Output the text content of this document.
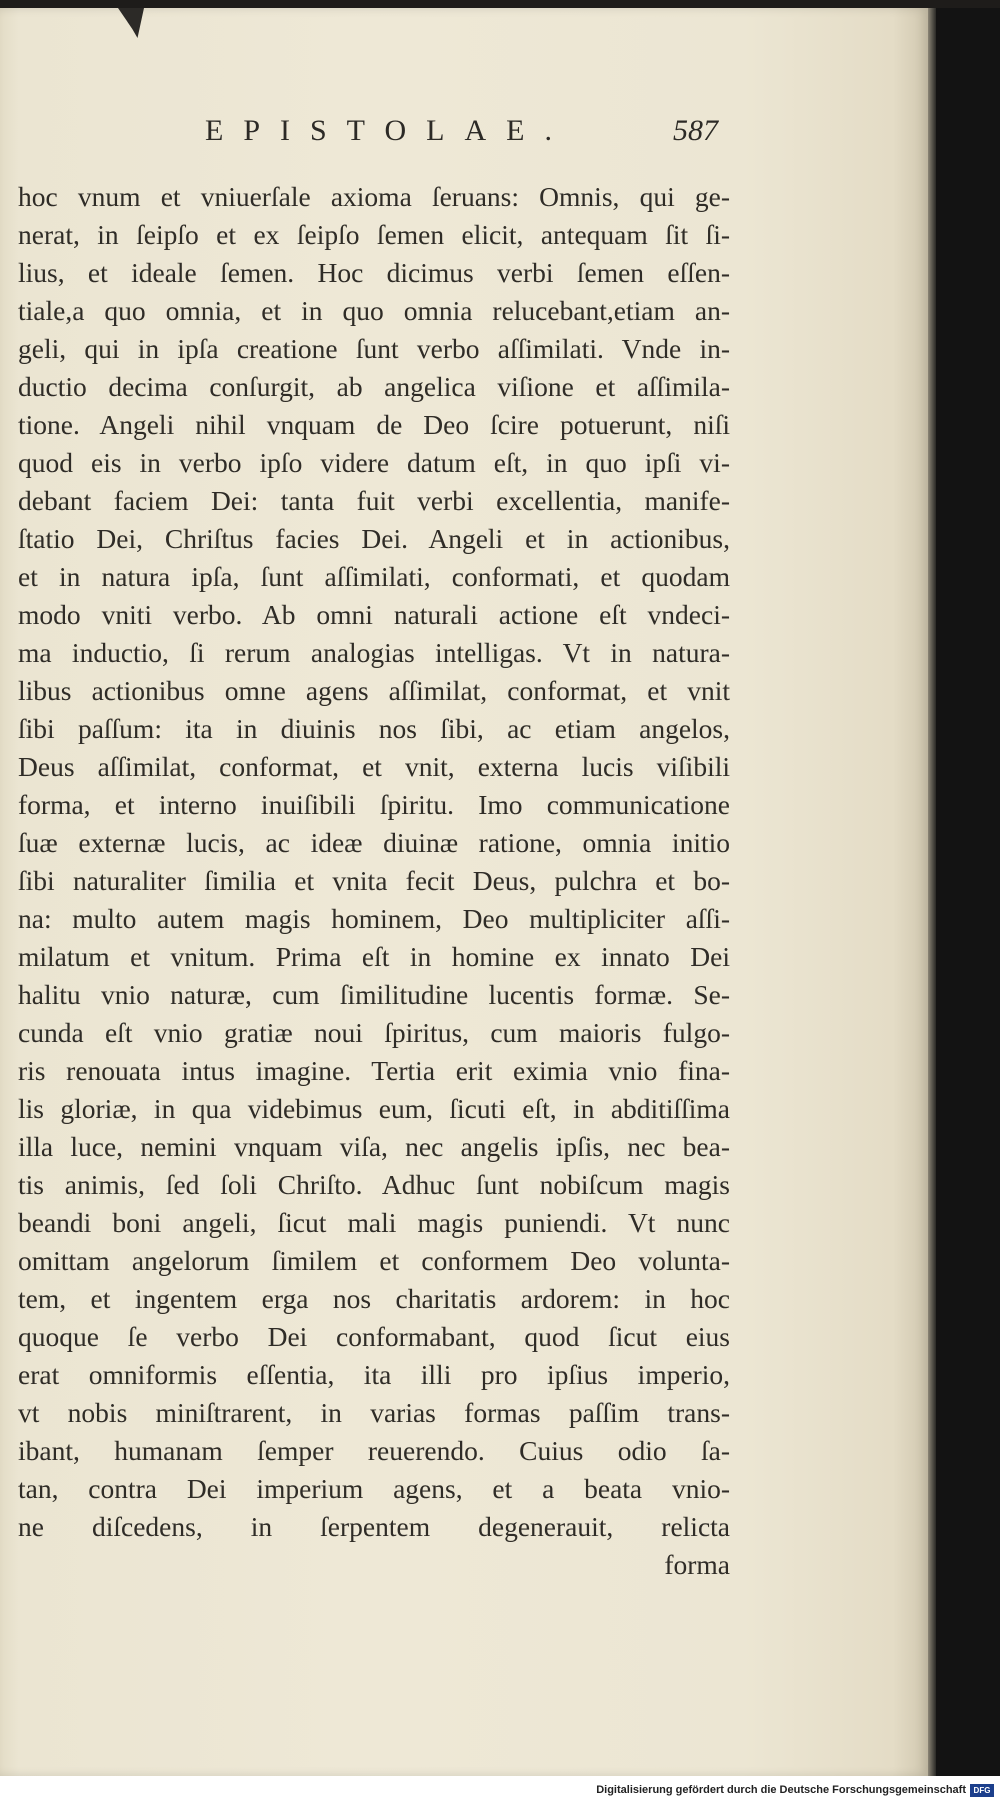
EPISTOLAE.	587
hoc vnum et vniuerſale axioma ſeruans: Omnis, qui ge-
nerat, in ſeipſo et ex ſeipſo ſemen elicit, antequam ſit ſi-
lius, et ideale ſemen. Hoc dicimus verbi ſemen eſſen-
tiale,a quo omnia, et in quo omnia relucebant,etiam an-
geli, qui in ipſa creatione ſunt verbo aſſimilati. Vnde in-
ductio decima conſurgit, ab angelica viſione et aſſimila-
tione. Angeli nihil vnquam de Deo ſcire potuerunt, niſi
quod eis in verbo ipſo videre datum eſt, in quo ipſi vi-
debant faciem Dei: tanta fuit verbi excellentia, manife-
ſtatio Dei, Chriſtus facies Dei. Angeli et in actionibus,
et in natura ipſa, ſunt aſſimilati, conformati, et quodam
modo vniti verbo. Ab omni naturali actione eſt vndeci-
ma inductio, ſi rerum analogias intelligas. Vt in natura-
libus actionibus omne agens aſſimilat, conformat, et vnit
ſibi paſſum: ita in diuinis nos ſibi, ac etiam angelos,
Deus aſſimilat, conformat, et vnit, externa lucis viſibili
forma, et interno inuiſibili ſpiritu. Imo communicatione
ſuæ externæ lucis, ac ideæ diuinæ ratione, omnia initio
ſibi naturaliter ſimilia et vnita fecit Deus, pulchra et bo-
na: multo autem magis hominem, Deo multipliciter aſſi-
milatum et vnitum. Prima eſt in homine ex innato Dei
halitu vnio naturæ, cum ſimilitudine lucentis formæ. Se-
cunda eſt vnio gratiæ noui ſpiritus, cum maioris fulgo-
ris renouata intus imagine. Tertia erit eximia vnio fina-
lis gloriæ, in qua videbimus eum, ſicuti eſt, in abditiſſima
illa luce, nemini vnquam viſa, nec angelis ipſis, nec bea-
tis animis, ſed ſoli Chriſto. Adhuc ſunt nobiſcum magis
beandi boni angeli, ſicut mali magis puniendi. Vt nunc
omittam angelorum ſimilem et conformem Deo volunta-
tem, et ingentem erga nos charitatis ardorem: in hoc
quoque ſe verbo Dei conformabant, quod ſicut eius
erat omniformis eſſentia, ita illi pro ipſius imperio,
vt nobis miniſtrarent, in varias formas paſſim trans-
ibant, humanam ſemper reuerendo. Cuius odio ſa-
tan, contra Dei imperium agens, et a beata vnio-
ne diſcedens, in ſerpentem degenerauit, relicta
forma
Digitalisierung gefördert durch die Deutsche Forschungsgemeinschaft DFG
